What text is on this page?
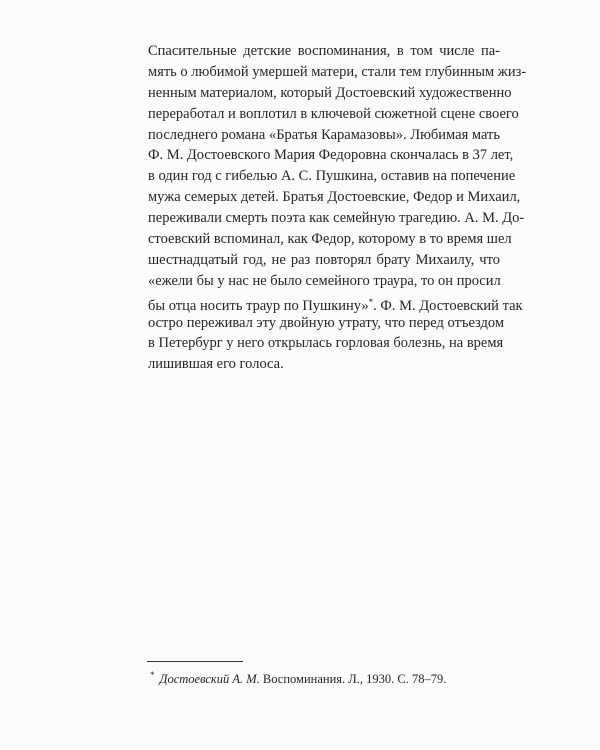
Спасительные детские воспоминания, в том числе па-
мять о любимой умершей матери, стали тем глубинным жиз-
ненным материалом, который Достоевский художественно
переработал и воплотил в ключевой сюжетной сцене своего
последнего романа «Братья Карамазовы». Любимая мать
Ф. М. Достоевского Мария Федоровна скончалась в 37 лет,
в один год с гибелью А. С. Пушкина, оставив на попечение
мужа семерых детей. Братья Достоевские, Федор и Михаил,
переживали смерть поэта как семейную трагедию. А. М. До-
стоевский вспоминал, как Федор, которому в то время шел
шестнадцатый год, не раз повторял брату Михаилу, что
«ежели бы у нас не было семейного траура, то он просил
бы отца носить траур по Пушкину»*. Ф. М. Достоевский так
остро переживал эту двойную утрату, что перед отъездом
в Петербург у него открылась горловая болезнь, на время
лишившая его голоса.
* Достоевский А. М. Воспоминания. Л., 1930. С. 78–79.
